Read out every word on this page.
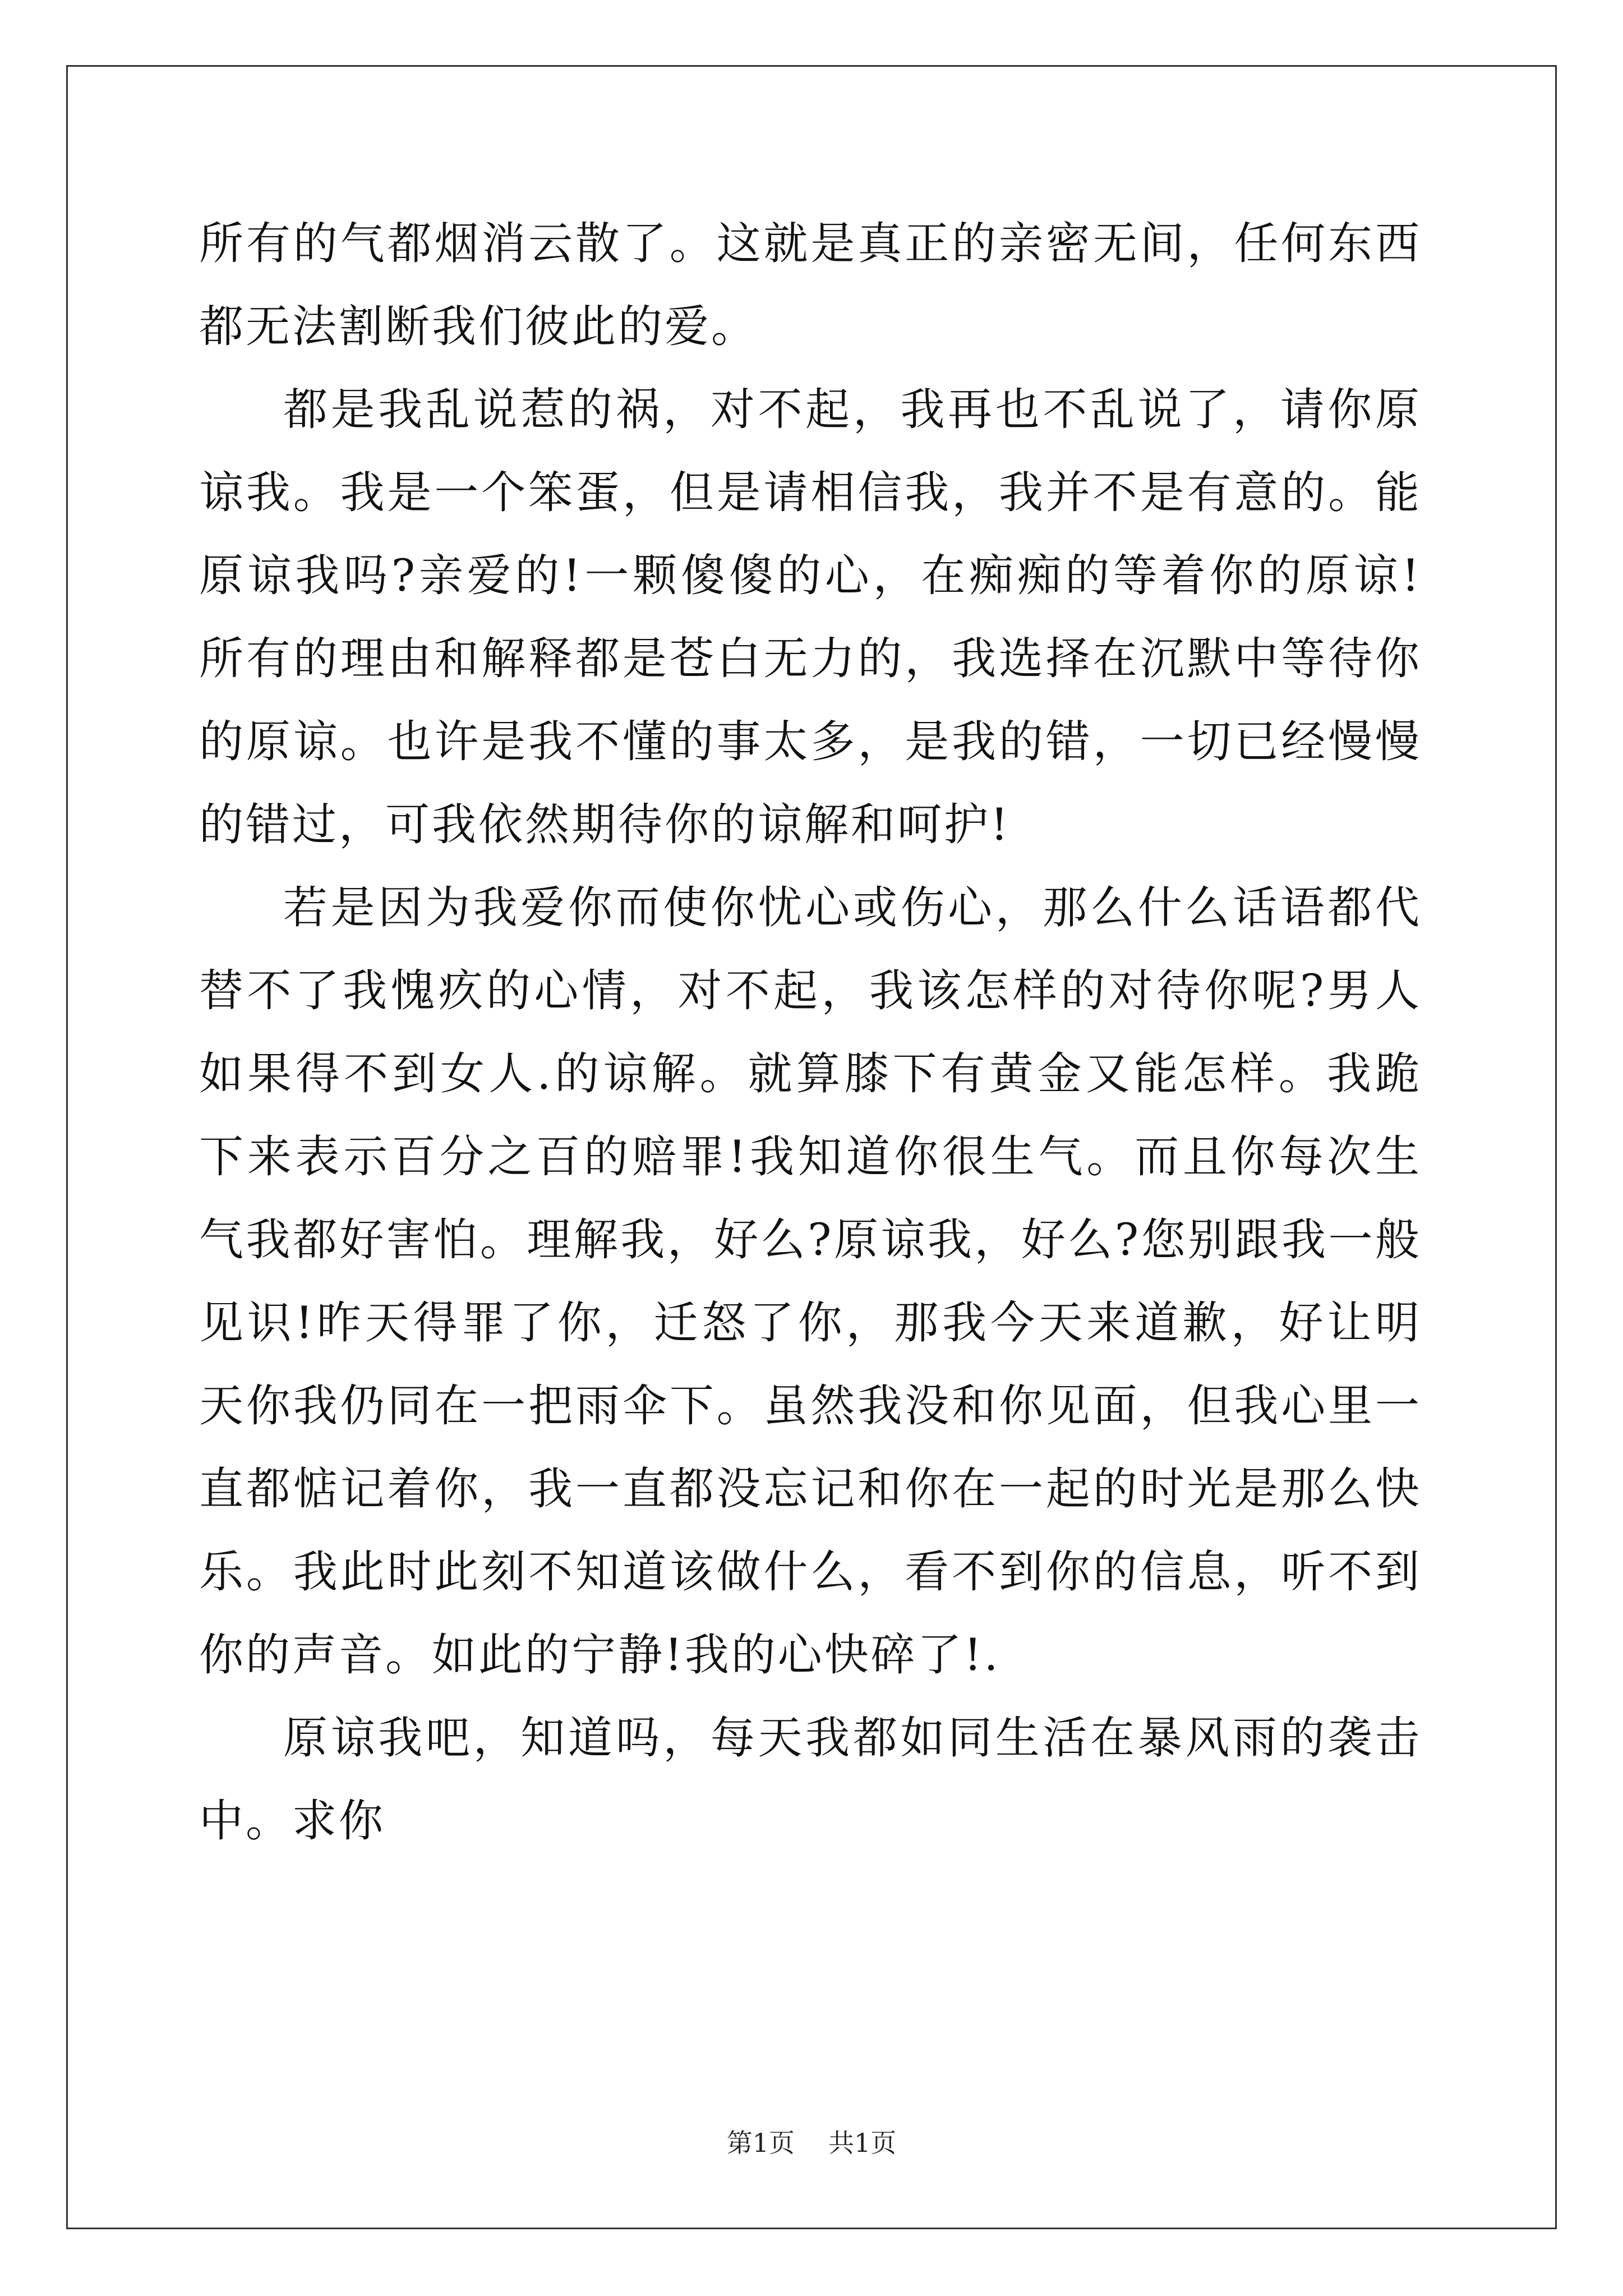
所有的气都烟消云散了。这就是真正的亲密无间，任何东西都无法割断我们彼此的爱。

都是我乱说惹的祸，对不起，我再也不乱说了，请你原谅我。我是一个笨蛋，但是请相信我，我并不是有意的。能原谅我吗?亲爱的!一颗傻傻的心，在痴痴的等着你的原谅!所有的理由和解释都是苍白无力的，我选择在沉默中等待你的原谅。也许是我不懂的事太多，是我的错，一切已经慢慢的错过，可我依然期待你的谅解和呵护!

若是因为我爱你而使你忧心或伤心，那么什么话语都代替不了我愧疚的心情，对不起，我该怎样的对待你呢?男人如果得不到女人.的谅解。就算膝下有黄金又能怎样。我跪下来表示百分之百的赔罪!我知道你很生气。而且你每次生气我都好害怕。理解我，好么?原谅我，好么?您别跟我一般见识!昨天得罪了你，迁怒了你，那我今天来道歉，好让明天你我仍同在一把雨伞下。虽然我没和你见面，但我心里一直都惦记着你，我一直都没忘记和你在一起的时光是那么快乐。我此时此刻不知道该做什么，看不到你的信息，听不到你的声音。如此的宁静!我的心快碎了!.

原谅我吧，知道吗，每天我都如同生活在暴风雨的袭击中。求你

第1页 共1页
